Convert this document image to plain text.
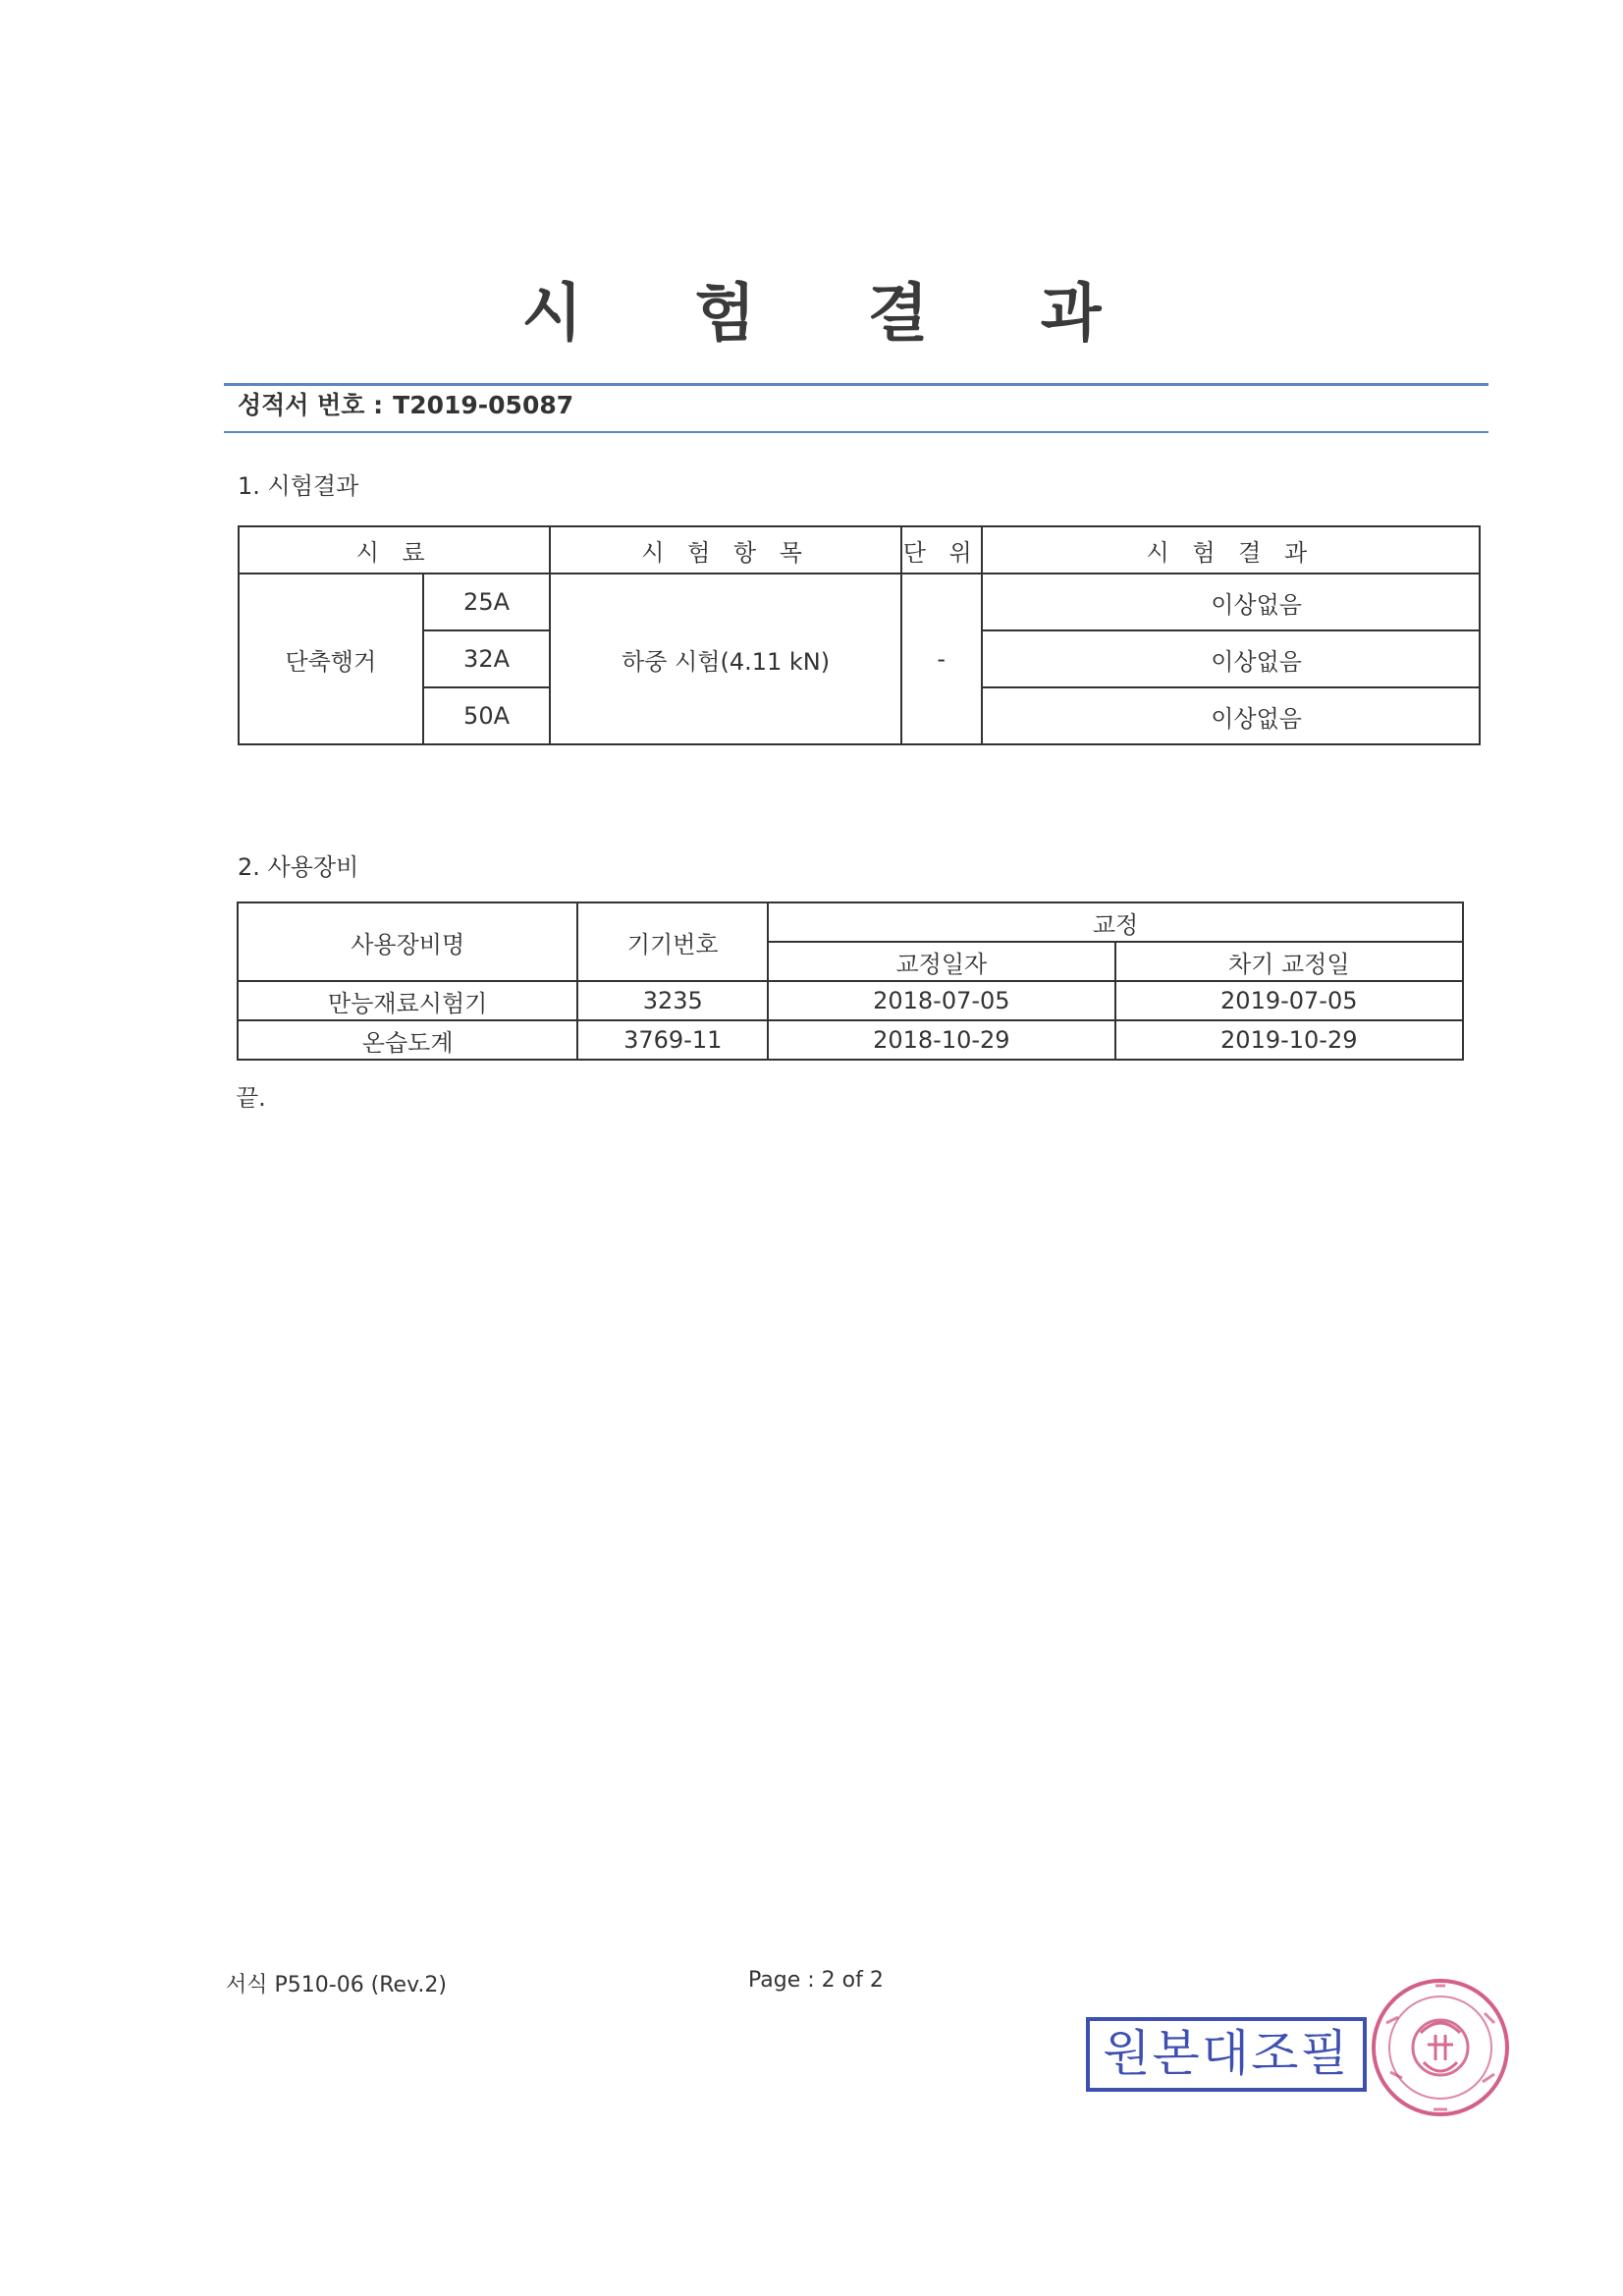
시 험 결 과
성적서 번호 : T2019-05087
1. 시험결과
시 료		시 험 항 목	단 위	시 험 결 과
단축행거	25A	하중 시험(4.11 kN)	-	이상없음
	32A			이상없음
	50A			이상없음
2. 사용장비
사용장비명	기기번호	교정	
		교정일자	차기 교정일
만능재료시험기	3235	2018-07-05	2019-07-05
온습도계	3769-11	2018-10-29	2019-10-29
끝.
서식 P510-06 (Rev.2)	Page : 2 of 2
원본대조필
